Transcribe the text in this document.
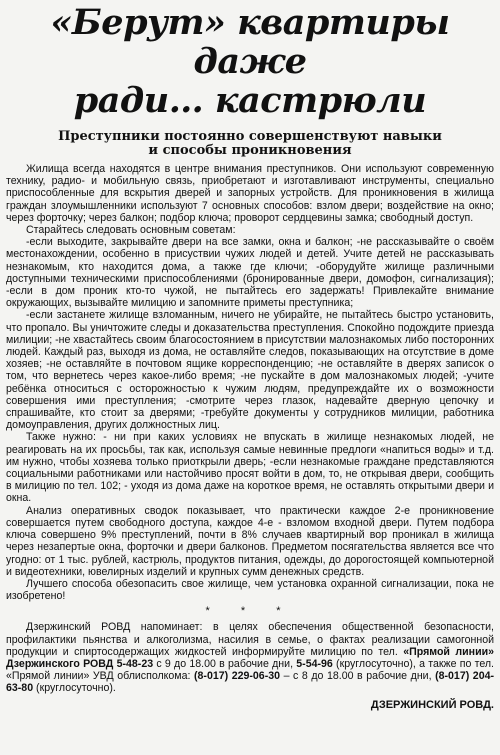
«Берут» квартиры даже
ради… кастрюли
Преступники постоянно совершенствуют навыки
и способы проникновения

Жилища всегда находятся в центре внимания преступников. Они используют современную технику, радио- и мобильную связь, приобретают и изготавливают инструменты, специально приспособленные для вскрытия дверей и запорных устройств. Для проникновения в жилища граждан злоумышленники используют 7 основных способов: взлом двери; воздействие на окно; через форточку; через балкон; подбор ключа; проворот сердцевины замка; свободный доступ.

Старайтесь следовать основным советам:

-если выходите, закрывайте двери на все замки, окна и балкон; -не рассказывайте о своём местонахождении, особенно в присуствии чужих людей и детей. Учите детей не рассказывать незнакомым, кто находится дома, а также где ключи; -оборудуйте жилище различными доступными техническими приспособлениями (бронированные двери, домофон, сигнализация); -если в дом проник кто-то чужой, не пытайтесь его задержать! Привлекайте внимание окружающих, вызывайте милицию и запомните приметы преступника;

-если застанете жилище взломанным, ничего не убирайте, не пытайтесь быстро установить, что пропало. Вы уничтожите следы и доказательства преступления. Спокойно подождите приезда милиции; -не хвастайтесь своим благосостоянием в присутствии малознакомых либо посторонних людей. Каждый раз, выходя из дома, не оставляйте следов, показывающих на отсутствие в доме хозяев; -не оставляйте в почтовом ящике корреспонденцию; -не оставляйте в дверях записок о том, что вернетесь через какое-либо время; -не пускайте в дом малознакомых людей; -учите ребёнка относиться с осторожностью к чужим людям, предупреждайте их о возможности совершения ими преступления; -смотрите через глазок, надевайте дверную цепочку и спрашивайте, кто стоит за дверями; -требуйте документы у сотрудников милиции, работника домоуправления, других должностных лиц.

Также нужно: - ни при каких условиях не впускать в жилище незнакомых людей, не реагировать на их просьбы, так как, используя самые невинные предлоги «напиться воды» и т.д. им нужно, чтобы хозяева только приоткрыли дверь; -если незнакомые граждане представляются социальными работниками или настойчиво просят войти в дом, то, не открывая двери, сообщить в милицию по тел. 102; - уходя из дома даже на короткое время, не оставлять открытыми двери и окна.

Анализ оперативных сводок показывает, что практически каждое 2-е проникновение совершается путем свободного доступа, каждое 4-е - взломом входной двери. Путем подбора ключа совершено 9% преступлений, почти в 8% случаев квартирный вор проникал в жилища через незапертые окна, форточки и двери балконов. Предметом посягательства является все что угодно: от 1 тыс. рублей, кастрюль, продуктов питания, одежды, до дорогостоящей компьютерной и видеотехники, ювелирных изделий и крупных сумм денежных средств.

Лучшего способа обезопасить свое жилище, чем установка охранной сигнализации, пока не изобретено!

* * *

Дзержинский РОВД напоминает: в целях обеспечения общественной безопасности, профилактики пьянства и алкоголизма, насилия в семье, о фактах реализации самогонной продукции и спиртосодержащих жидкостей информируйте милицию по тел. «Прямой линии» Дзержинского РОВД 5-48-23 с 9 до 18.00 в рабочие дни, 5-54-96 (круглосуточно), а также по тел. «Прямой линии» УВД облисполкома: (8-017) 229-06-30 – с 8 до 18.00 в рабочие дни, (8-017) 204-63-80 (круглосуточно).

ДЗЕРЖИНСКИЙ РОВД.
